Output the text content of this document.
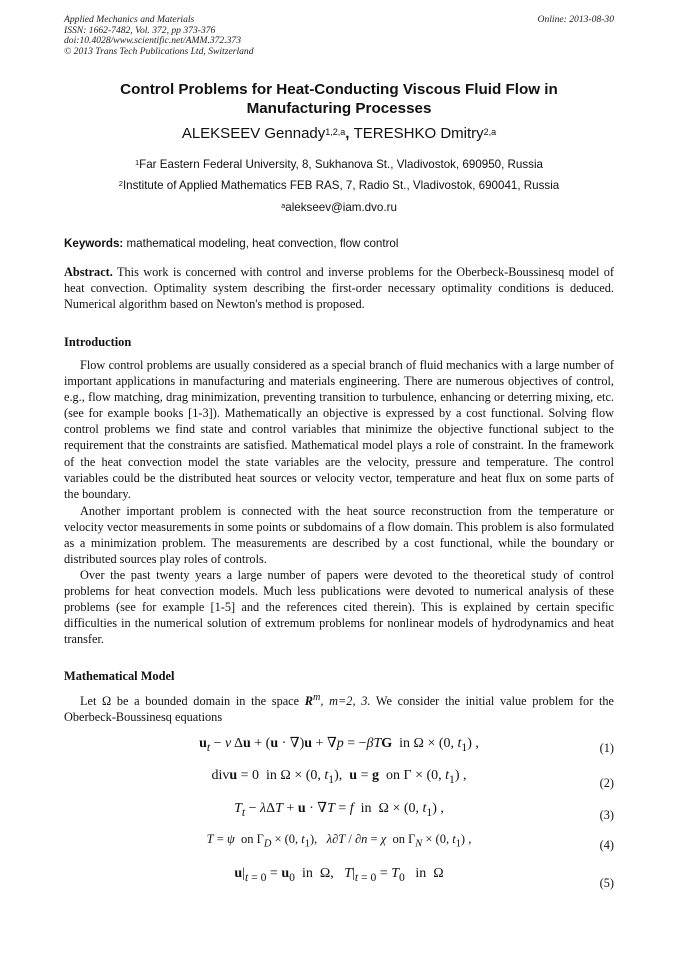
Applied Mechanics and Materials
ISSN: 1662-7482, Vol. 372, pp 373-376
doi:10.4028/www.scientific.net/AMM.372.373
© 2013 Trans Tech Publications Ltd, Switzerland
Online: 2013-08-30
Control Problems for Heat-Conducting Viscous Fluid Flow in
Manufacturing Processes
ALEKSEEV Gennady$^{1,2,a}$, TERESHKO Dmitry$^{2,a}$
$^1$Far Eastern Federal University, 8, Sukhanova St., Vladivostok, 690950, Russia
$^2$Institute of Applied Mathematics FEB RAS, 7, Radio St., Vladivostok, 690041, Russia
$^a$alekseev@iam.dvo.ru
Keywords: mathematical modeling, heat convection, flow control
Abstract. This work is concerned with control and inverse problems for the Oberbeck-Boussinesq model of heat convection. Optimality system describing the first-order necessary optimality conditions is deduced. Numerical algorithm based on Newton's method is proposed.
Introduction
Flow control problems are usually considered as a special branch of fluid mechanics with a large number of important applications in manufacturing and materials engineering. There are numerous objectives of control, e.g., flow matching, drag minimization, preventing transition to turbulence, enhancing or deterring mixing, etc. (see for example books [1-3]). Mathematically an objective is expressed by a cost functional. Solving flow control problems we find state and control variables that minimize the objective functional subject to the requirement that the constraints are satisfied. Mathematical model plays a role of constraint. In the framework of the heat convection model the state variables are the velocity, pressure and temperature. The control variables could be the distributed heat sources or velocity vector, temperature and heat flux on some parts of the boundary.
Another important problem is connected with the heat source reconstruction from the temperature or velocity vector measurements in some points or subdomains of a flow domain. This problem is also formulated as a minimization problem. The measurements are described by a cost functional, while the boundary or distributed sources play roles of controls.
Over the past twenty years a large number of papers were devoted to the theoretical study of control problems for heat convection models. Much less publications were devoted to numerical analysis of these problems (see for example [1-5] and the references cited therein). This is explained by certain specific difficulties in the numerical solution of extremum problems for nonlinear models of hydrodynamics and heat transfer.
Mathematical Model
Let Ω be a bounded domain in the space $R^m$, m=2, 3. We consider the initial value problem for the Oberbeck-Boussinesq equations
$u_t - \nu$ Δu + (u · ∇)u + ∇p = −βTG  in Ω × (0, $t_1$) ,	(1)
divu = 0  in Ω × (0, $t_1$),  u = g  on Γ × (0, $t_1$) ,	(2)
$T_t - \lambda\Delta T + u \cdot \nabla T = f$  in  Ω × (0, $t_1$) ,	(3)
T = ψ  on $\Gamma_D \times (0$, $t_1$),   λ∂T / ∂n = χ  on $\Gamma_N \times (0$, $t_1$) ,	(4)
$u|_{t = 0} = u_0$  in  Ω,   $T|_{t = 0} = T_0$   in  Ω
(5)
